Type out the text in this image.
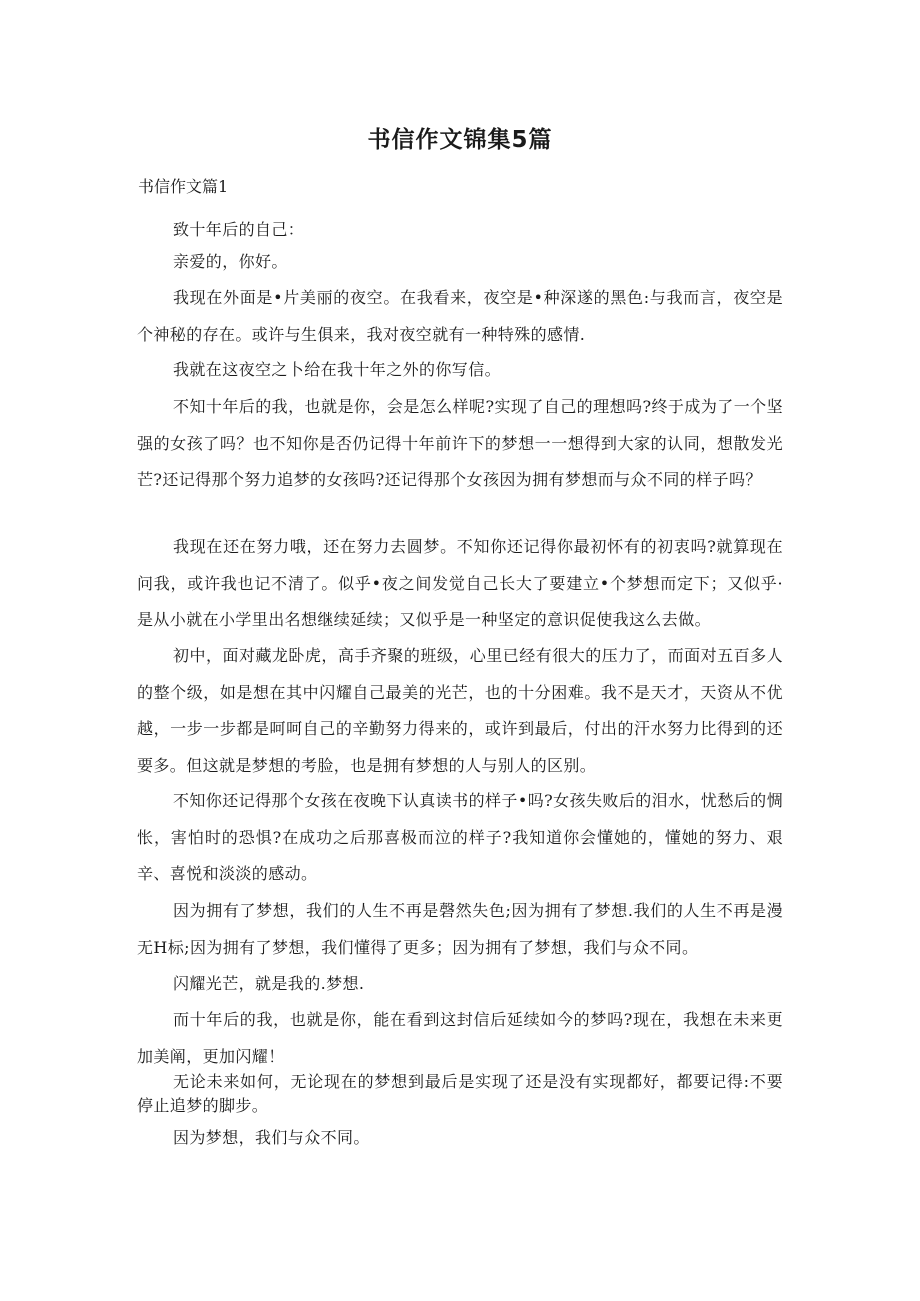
书信作文锦集5篇
书信作文篇1

致十年后的自己：

亲爱的，你好。

我现在外面是•片美丽的夜空。在我看来，夜空是•种深遂的黑色:与我而言，夜空是个神秘的存在。或许与生俱来，我对夜空就有一种特殊的感情.

我就在这夜空之卜给在我十年之外的你写信。

不知十年后的我，也就是你，会是怎么样呢?实现了自己的理想吗?终于成为了一个坚强的女孩了吗？也不知你是否仍记得十年前许下的梦想一一想得到大家的认同，想散发光芒?还记得那个努力追梦的女孩吗?还记得那个女孩因为拥有梦想而与众不同的样子吗？

我现在还在努力哦，还在努力去圆梦。不知你还记得你最初怀有的初衷吗?就算现在问我，或许我也记不清了。似乎•夜之间发觉自己长大了要建立•个梦想而定下；又似乎·是从小就在小学里出名想继续延续；又似乎是一种坚定的意识促使我这么去做。

初中，面对藏龙卧虎，高手齐聚的班级，心里已经有很大的压力了，而面对五百多人的整个级，如是想在其中闪耀自己最美的光芒，也的十分困难。我不是天才，天资从不优越，一步一步都是呵呵自己的辛勤努力得来的，或许到最后，付出的汗水努力比得到的还要多。但这就是梦想的考脸，也是拥有梦想的人与别人的区别。

不知你还记得那个女孩在夜晚下认真读书的样子•吗?女孩失败后的泪水，忧愁后的惆怅，害怕时的恐惧?在成功之后那喜极而泣的样子?我知道你会懂她的，懂她的努力、艰辛、喜悦和淡淡的感动。

因为拥有了梦想，我们的人生不再是磬然失色;因为拥有了梦想.我们的人生不再是漫无H标;因为拥有了梦想，我们懂得了更多；因为拥有了梦想，我们与众不同。

闪耀光芒，就是我的.梦想.

而十年后的我，也就是你，能在看到这封信后延续如今的梦吗?现在，我想在未来更加美阐，更加闪耀！

无论未来如何，无论现在的梦想到最后是实现了还是没有实现都好，都要记得:不要停止追梦的脚步。

因为梦想，我们与众不同。
